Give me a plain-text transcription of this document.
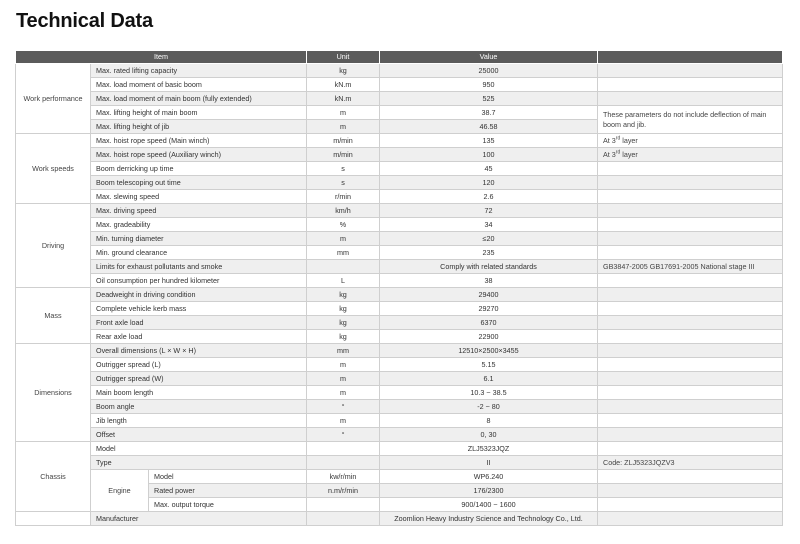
Technical Data
Item			Unit	Value	
Work performance	Max. rated lifting capacity		kg	25000	
	Max. load moment of basic boom		kN.m	950	
	Max. load moment of main boom (fully extended)		kN.m	525	
	Max. lifting height of main boom		m	38.7	These parameters do not include deflection of main boom and jib.
	Max. lifting height of jib		m	46.58	
Work speeds	Max. hoist rope speed (Main winch)		m/min	135	At 3rd layer
	Max. hoist rope speed (Auxiliary winch)		m/min	100	At 3rd layer
	Boom derricking up time		s	45	
	Boom telescoping out time		s	120	
	Max. slewing speed		r/min	2.6	
Driving	Max. driving speed		km/h	72	
	Max. gradeability		%	34	
	Min. turning diameter		m	≤20	
	Min. ground clearance		mm	235	
	Limits for exhaust pollutants and smoke			Comply with related standards	GB3847-2005 GB17691-2005 National stage III
	Oil consumption per hundred kilometer		L	38	
Mass	Deadweight in driving condition		kg	29400	
	Complete vehicle kerb mass		kg	29270	
	Front axle load		kg	6370	
	Rear axle load		kg	22900	
Dimensions	Overall dimensions (L × W × H)		mm	12510×2500×3455	
	Outrigger spread (L)		m	5.15	
	Outrigger spread (W)		m	6.1	
	Main boom length		m	10.3 ~ 38.5	
	Boom angle		°	-2 ~ 80	
	Jib length		m	8	
	Offset		°	0, 30	
Chassis	Model			ZLJ5323JQZ	
	Type			II	Code: ZLJ5323JQZV3
	Engine	Model	kw/r/min	WP6.240	
		Rated power	n.m/r/min	176/2300	
		Max. output torque		900/1400 ~ 1600	
	Manufacturer			Zoomlion Heavy Industry Science and Technology Co., Ltd.	
